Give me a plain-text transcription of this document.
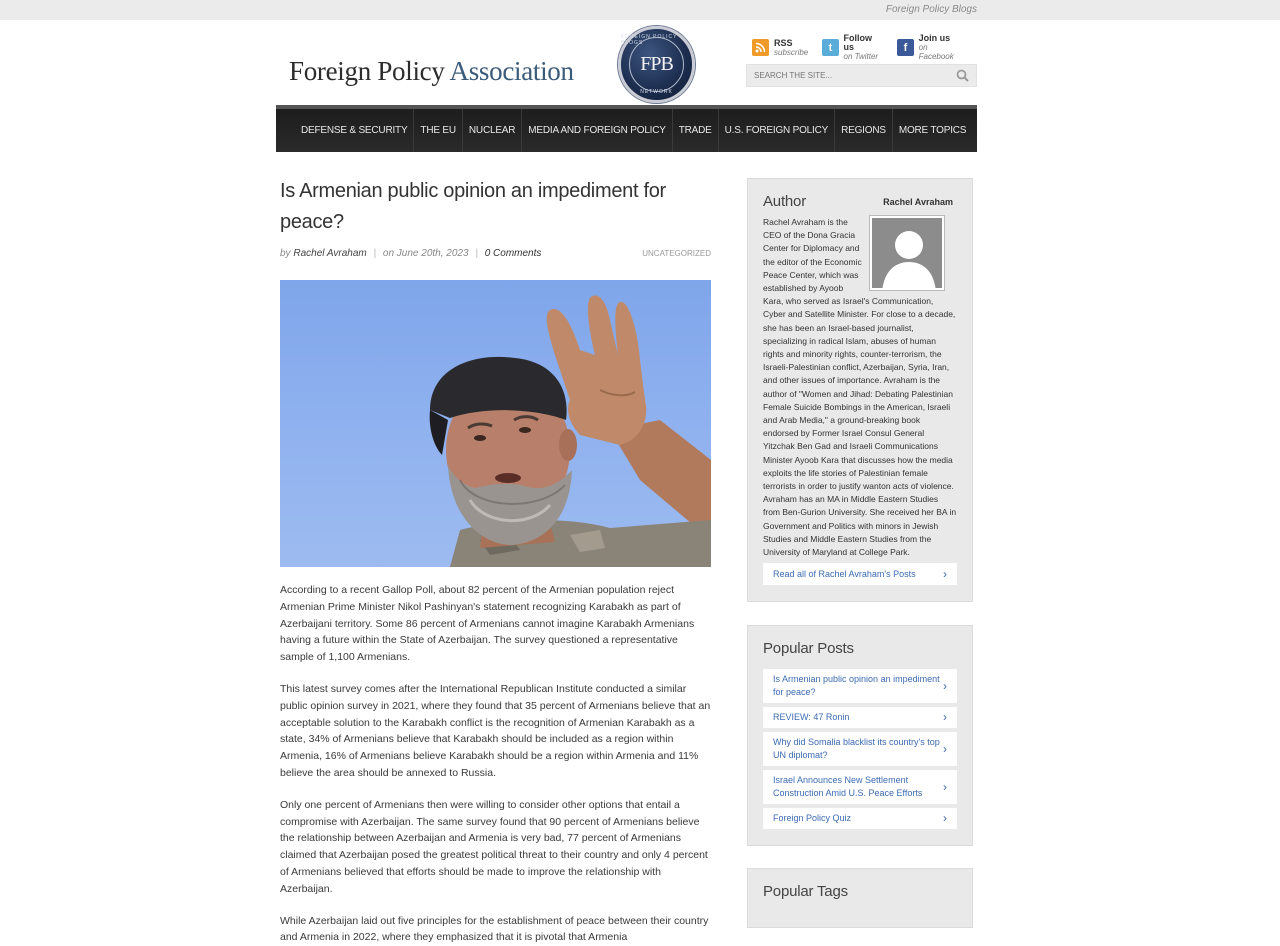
Foreign Policy Blogs
Foreign Policy Association
FOREIGN POLICY BLOGS
FPB
NETWORK
RSS
subscribe	t
Follow us
on Twitter
f
Join us
on Facebook
SEARCH THE SITE...
DEFENSE & SECURITY	THE EU	NUCLEAR	MEDIA AND FOREIGN POLICY	TRADE	U.S. FOREIGN POLICY	REGIONS	MORE TOPICS
Is Armenian public opinion an impediment for peace?
by Rachel Avraham | on June 20th, 2023 | 0 Comments	UNCATEGORIZED

According to a recent Gallop Poll, about 82 percent of the Armenian population reject Armenian Prime Minister Nikol Pashinyan's statement recognizing Karabakh as part of Azerbaijani territory. Some 86 percent of Armenians cannot imagine Karabakh Armenians having a future within the State of Azerbaijan. The survey questioned a representative sample of 1,100 Armenians.

This latest survey comes after the International Republican Institute conducted a similar public opinion survey in 2021, where they found that 35 percent of Armenians believe that an acceptable solution to the Karabakh conflict is the recognition of Armenian Karabakh as a state, 34% of Armenians believe that Karabakh should be included as a region within Armenia, 16% of Armenians believe Karabakh should be a region within Armenia and 11% believe the area should be annexed to Russia.

Only one percent of Armenians then were willing to consider other options that entail a compromise with Azerbaijan. The same survey found that 90 percent of Armenians believe the relationship between Azerbaijan and Armenia is very bad, 77 percent of Armenians claimed that Azerbaijan posed the greatest political threat to their country and only 4 percent of Armenians believed that efforts should be made to improve the relationship with Azerbaijan.

While Azerbaijan laid out five principles for the establishment of peace between their country and Armenia in 2022, where they emphasized that it is pivotal that Armenia

Author	Rachel Avraham
Rachel Avraham is the CEO of the Dona Gracia Center for Diplomacy and the editor of the Economic Peace Center, which was established by Ayoob Kara, who served as Israel's Communication, Cyber and Satellite Minister. For close to a decade, she has been an Israel-based journalist, specializing in radical Islam, abuses of human rights and minority rights, counter-terrorism, the Israeli-Palestinian conflict, Azerbaijan, Syria, Iran, and other issues of importance. Avraham is the author of "Women and Jihad: Debating Palestinian Female Suicide Bombings in the American, Israeli and Arab Media," a ground-breaking book endorsed by Former Israel Consul General Yitzchak Ben Gad and Israeli Communications Minister Ayoob Kara that discusses how the media exploits the life stories of Palestinian female terrorists in order to justify wanton acts of violence. Avraham has an MA in Middle Eastern Studies from Ben-Gurion University. She received her BA in Government and Politics with minors in Jewish Studies and Middle Eastern Studies from the University of Maryland at College Park.
Read all of Rachel Avraham's Posts ›
Popular Posts
Is Armenian public opinion an impediment for peace?	›
REVIEW: 47 Ronin	›
Why did Somalia blacklist its country's top UN diplomat?	›
Israel Announces New Settlement Construction Amid U.S. Peace Efforts	›
Foreign Policy Quiz	›
Popular Tags
